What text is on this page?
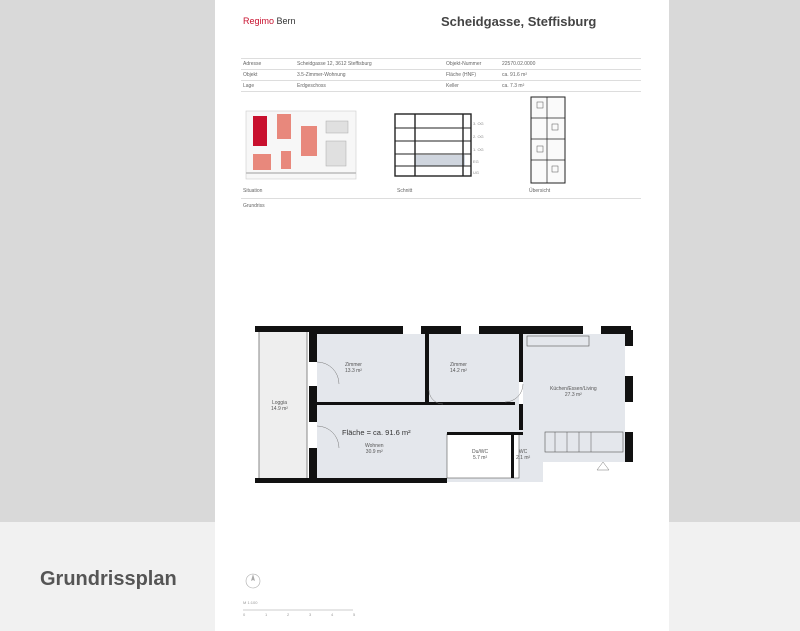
Regimo Bern	Scheidgasse, Steffisburg
Adresse	Scheidgasse 12, 3612 Steffisburg	Objekt-Nummer	22570.02.0000
Objekt	3.5-Zimmer-Wohnung	Fläche (HNF)	ca. 91.6 m²
Lage	Erdgeschoss	Keller	ca. 7.3 m²
3. OG
2. OG
1. OG
EG
UG
Situation	Schnitt	Übersicht
Grundriss
Zimmer
13.3 m²
Zimmer
14.2 m²
Küchen/Essen/Living
27.3 m²
Loggia
14.9 m²
Fläche = ca. 91.6 m²
Wohnen
30.9 m²	Du/WC
5.7 m²
WC
2.1 m²
M 1:100
0	1	2	3	4	5
Grundrissplan
